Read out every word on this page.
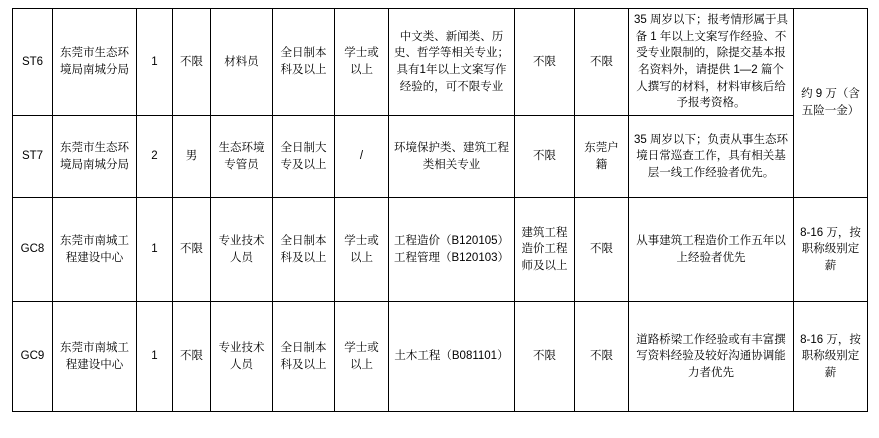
ST6	东莞市生态环境局南城分局	1	不限	材料员	全日制本科及以上	学士或以上	中文类、新闻类、历史、哲学等相关专业；具有1年以上文案写作经验的，可不限专业	不限	不限	35 周岁以下；报考情形属于具备 1 年以上文案写作经验、不受专业限制的，除提交基本报名资料外，请提供 1—2 篇个人撰写的材料，材料审核后给予报考资格。	约 9 万（含五险一金）
ST7	东莞市生态环境局南城分局	2	男	生态环境专管员	全日制大专及以上	/	环境保护类、建筑工程类相关专业	不限	东莞户籍	35 周岁以下；负责从事生态环境日常巡查工作，具有相关基层一线工作经验者优先。	
GC8	东莞市南城工程建设中心	1	不限	专业技术人员	全日制本科及以上	学士或以上	工程造价（B120105）工程管理（B120103）	建筑工程造价工程师及以上	不限	从事建筑工程造价工作五年以上经验者优先	8-16 万，按职称级别定薪
GC9	东莞市南城工程建设中心	1	不限	专业技术人员	全日制本科及以上	学士或以上	土木工程（B081101）	不限	不限	道路桥梁工作经验或有丰富撰写资料经验及较好沟通协调能力者优先	8-16 万，按职称级别定薪
